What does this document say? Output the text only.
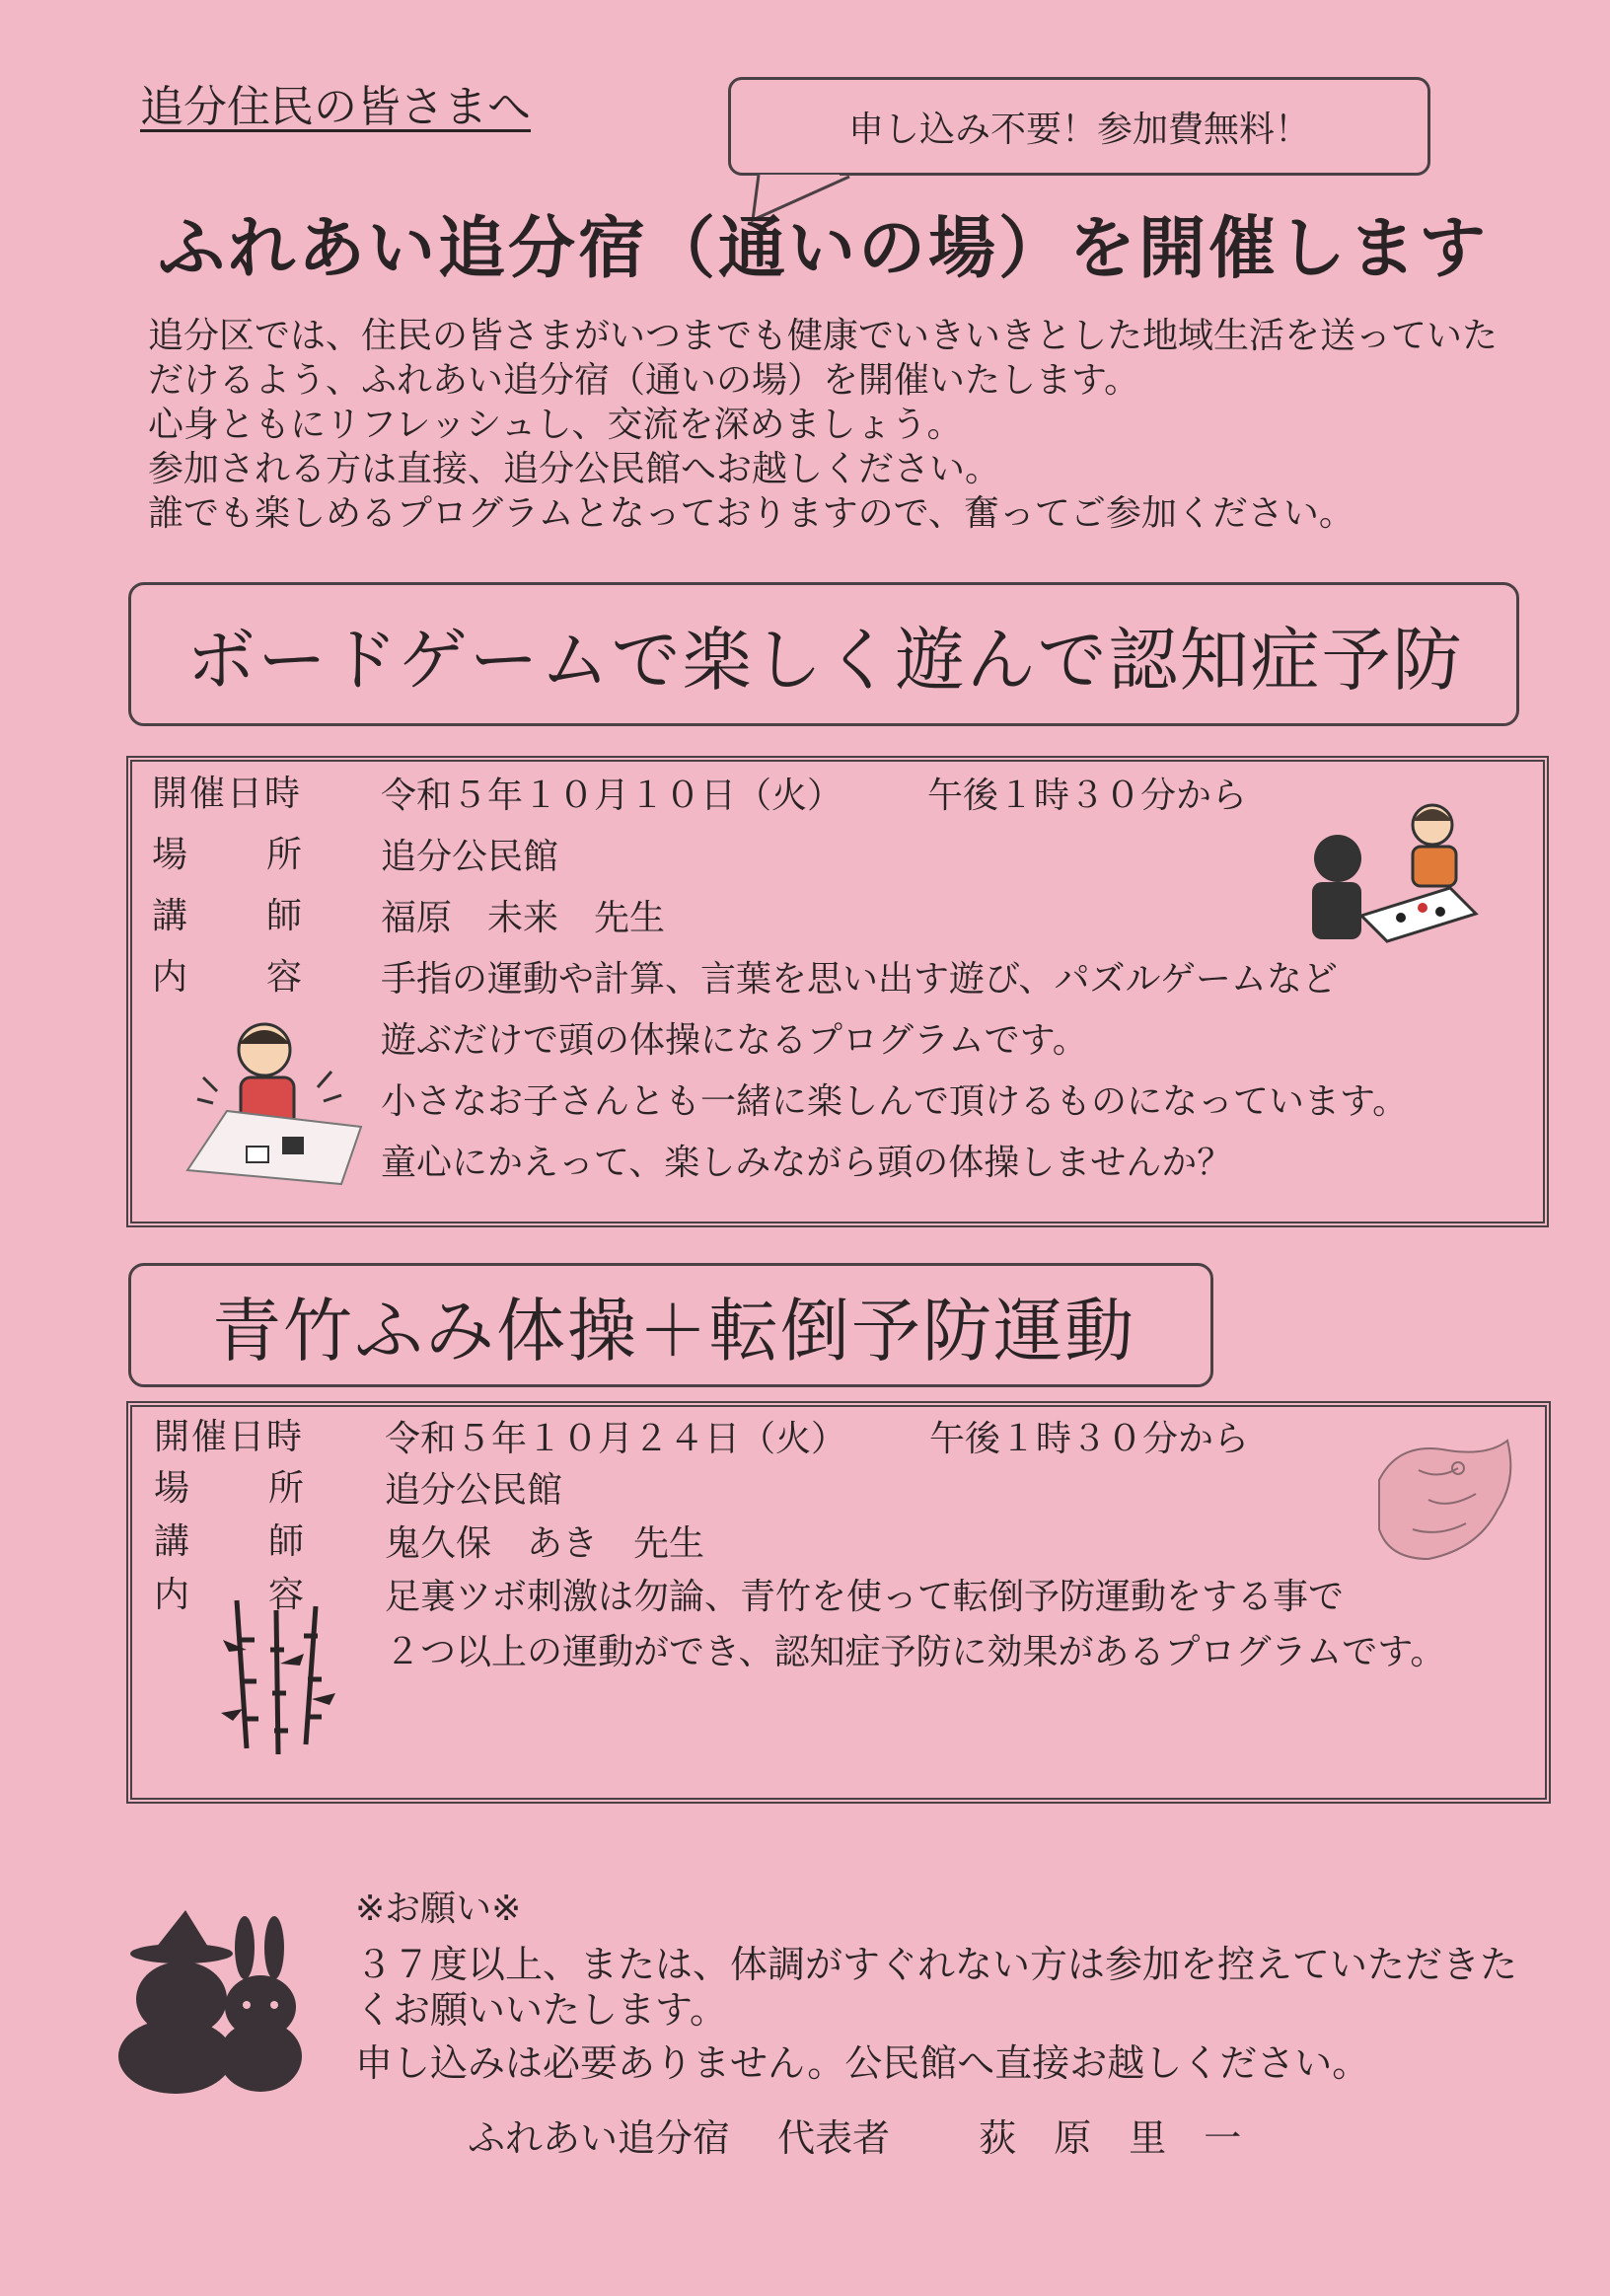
追分住民の皆さまへ	申し込み不要！参加費無料！
ふれあい追分宿（通いの場）を開催します
追分区では、住民の皆さまがいつまでも健康でいきいきとした地域生活を送っていた
だけるよう、ふれあい追分宿（通いの場）を開催いたします。
心身ともにリフレッシュし、交流を深めましょう。
参加される方は直接、追分公民館へお越しください。
誰でも楽しめるプログラムとなっておりますので、奮ってご参加ください。
ボードゲームで楽しく遊んで認知症予防
開催日時
場 所
講 師
内 容
令和５年１０月１０日（火） 午後１時３０分から
追分公民館
福原　未来　先生
手指の運動や計算、言葉を思い出す遊び、パズルゲームなど
遊ぶだけで頭の体操になるプログラムです。
小さなお子さんとも一緒に楽しんで頂けるものになっています。
童心にかえって、楽しみながら頭の体操しませんか？
青竹ふみ体操＋転倒予防運動
開催日時
場 所
講 師
内 容
令和５年１０月２４日（火） 午後１時３０分から
追分公民館
鬼久保　あき　先生
足裏ツボ刺激は勿論、青竹を使って転倒予防運動をする事で
２つ以上の運動ができ、認知症予防に効果があるプログラムです。
※お願い※
３７度以上、または、体調がすぐれない方は参加を控えていただきた
くお願いいたします。
申し込みは必要ありません。公民館へ直接お越しください。
ふれあい追分宿 代表者 荻　原　里　一
